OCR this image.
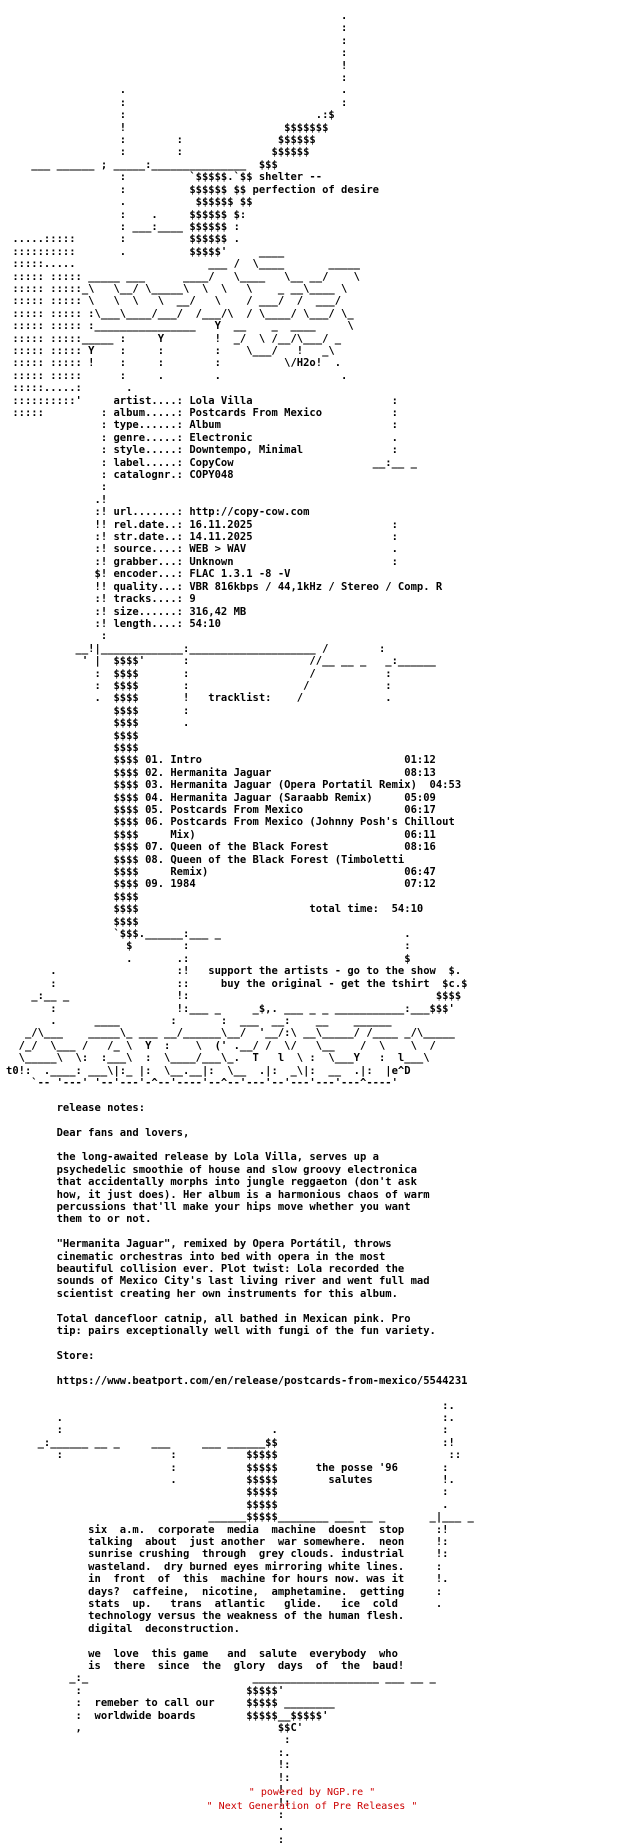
.
:
:
:
!
:
.                                  .
:                                  :
:                              .:$
!                         $$$$$$$
:        :               $$$$$$
:        :              $$$$$$
___ ______ ; _____:_______________  $$$
:          `$$$$$.`$$ shelter --
:          $$$$$$ $$ perfection of desire
.           $$$$$$ $$
:    .     $$$$$$ $:
: ___:____ $$$$$$ :
.....:::::       :          $$$$$$ .
::::::::::       .          $$$$$'     ____
:::::.....                     ___ /  \____       _____
::::: ::::: _____ ___      ____/   \____   \__ __/    \
::::: :::::_\   \__/ \_____\  \  \   \    _ __\____ \
::::: ::::: \   \  \   \  __/   \    / ___/  /  ___/
::::: ::::: :\___\____/___/  /___/\  / \____/ \___/ \_
::::: ::::: :________________   Y  __    _  ____     \
::::: :::::_____ :     Y        !  _/  \ /__/\___/ _
::::: ::::: Y    :     :        :    \___/   !   _\
::::: ::::: !    :     :        :          \/H2o!  .
::::: :::::      :     .        .                   .
:::::.....:       .
::::::::::'     artist....: Lola Villa                      :
:::::         : album.....: Postcards From Mexico           :
: type......: Album                           :
: genre.....: Electronic                      .
: style.....: Downtempo, Minimal              :
: label.....: CopyCow                      __:__ _
: catalognr.: COPY048
:
.!
:! url.......: http://copy-cow.com
!! rel.date..: 16.11.2025                      :
:! str.date..: 14.11.2025                      :
:! source....: WEB > WAV                       .
:! grabber...: Unknown                         :
$! encoder...: FLAC 1.3.1 -8 -V
!! quality...: VBR 816kbps / 44,1kHz / Stereo / Comp. R
:! tracks....: 9
:! size......: 316,42 MB
:! length....: 54:10
:
__!|_____________:____________________ /        :
' |  $$$$'      :                   //__ __ _   _:______
:  $$$$       :                   /           :
:  $$$$       :                  /            :
.  $$$$       !   tracklist:    /             .
$$$$       :
$$$$       .
$$$$
$$$$
$$$$ 01. Intro                                01:12
$$$$ 02. Hermanita Jaguar                     08:13
$$$$ 03. Hermanita Jaguar (Opera Portatil Remix)  04:53
$$$$ 04. Hermanita Jaguar (Saraabb Remix)     05:09
$$$$ 05. Postcards From Mexico                06:17
$$$$ 06. Postcards From Mexico (Johnny Posh's Chillout
$$$$     Mix)                                 06:11
$$$$ 07. Queen of the Black Forest            08:16
$$$$ 08. Queen of the Black Forest (Timboletti
$$$$     Remix)                               06:47
$$$$ 09. 1984                                 07:12
$$$$
$$$$                           total time:  54:10
$$$$
`$$$.______:___ _                             .
$        :                                  :
.       .:                                  $
.                   :!   support the artists - go to the show  $.
:                   ::     buy the original - get the tshirt  $c.$
_:__ _                 !:                                       $$$$
:                   !:___ _     _$,. ___ _ _ ___________:___$$$'
.      ____        :       :  ___  __:    __    ______
_/\___    _____\_ ___ __/______\__/  '__/:\ __\_____/ /____ _/\_____
/_/  \___ /   /_ \  Y  :    \  (' .__/ /  \/   \__    /  \    \  /
\_____\  \:  :___\  :  \____/___\_.  T   l  \ :  \___Y   :  l___\
t0!:  .____: ___\|:_ |:  \__.__|:  \__  .|:  _\|:  __  .|:  |e^D
`-- '---' '--'---'-^--'----'--^--'---'--'---'---'---^----'

release notes:

Dear fans and lovers,

the long-awaited release by Lola Villa, serves up a
psychedelic smoothie of house and slow groovy electronica
that accidentally morphs into jungle reggaeton (don't ask
how, it just does). Her album is a harmonious chaos of warm
percussions that'll make your hips move whether you want
them to or not.

"Hermanita Jaguar", remixed by Opera Portátil, throws
cinematic orchestras into bed with opera in the most
beautiful collision ever. Plot twist: Lola recorded the
sounds of Mexico City's last living river and went full mad
scientist creating her own instruments for this album.

Total dancefloor catnip, all bathed in Mexican pink. Pro
tip: pairs exceptionally well with fungi of the fun variety.

Store:

https://www.beatport.com/en/release/postcards-from-mexico/5544231

:.
.                                                            :.
:                                 .                          :
_:______ __ _     ___     ___ ______$$                          :!
:                 :           $$$$$                           ::
:           $$$$$      the posse '96       :
.           $$$$$        salutes           !.
$$$$$                          :
$$$$$                          .
______$$$$$________ ___ __ _       _|___ _
six  a.m.  corporate  media  machine  doesnt  stop     :!
talking  about  just another  war somewhere.  neon     !:
sunrise crushing  through  grey clouds. industrial     !:
wasteland.  dry burned eyes mirroring white lines.     :
in  front  of  this  machine for hours now. was it     !.
days?  caffeine,  nicotine,  amphetamine.  getting     :
stats  up.   trans  atlantic   glide.   ice  cold      .
technology versus the weakness of the human flesh.
digital  deconstruction.

we  love  this game   and  salute  everybody  who
is  there  since  the  glory  days  of  the  baud!
_:_                          ____________________ ___ __ _
:                          $$$$$'
:  remeber to call our     $$$$$ ________
:  worldwide boards        $$$$$__$$$$$'
,                               $$C'
:
:.
!:
!:
!.
!:
:
.
:
" powered by NGP.re "
" Next Generation of Pre Releases "
